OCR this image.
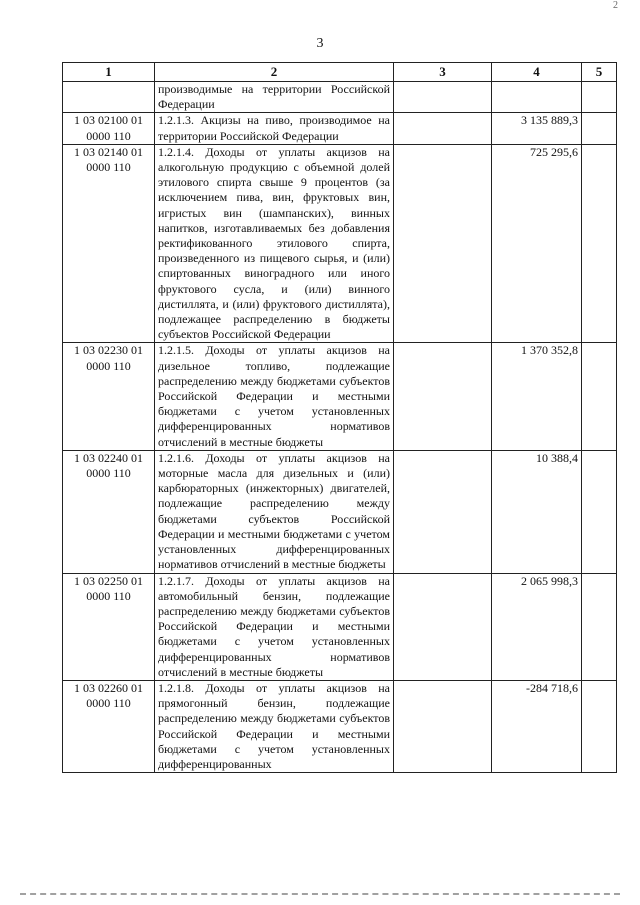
2
3
1	2	3	4	5

	производимые на территории Российской Федерации			

1 03 02100 01
0000 110	1.2.1.3. Акцизы на пиво, производимое на территории Российской Федерации		3 135 889,3	

1 03 02140 01
0000 110	1.2.1.4. Доходы от уплаты акцизов на алкогольную продукцию с объемной долей этилового спирта свыше 9 процентов (за исключением пива, вин, фруктовых вин, игристых вин (шампанских), винных напитков, изготавливаемых без добавления ректификованного этилового спирта, произведенного из пищевого сырья, и (или) спиртованных виноградного или иного фруктового сусла, и (или) винного дистиллята, и (или) фруктового дистиллята), подлежащее распределению в бюджеты субъектов Российской Федерации		725 295,6	

1 03 02230 01
0000 110	1.2.1.5. Доходы от уплаты акцизов на дизельное топливо, подлежащие распределению между бюджетами субъектов Российской Федерации и местными бюджетами с учетом установленных дифференцированных нормативов отчислений в местные бюджеты		1 370 352,8	

1 03 02240 01
0000 110	1.2.1.6. Доходы от уплаты акцизов на моторные масла для дизельных и (или) карбюраторных (инжекторных) двигателей, подлежащие распределению между бюджетами субъектов Российской Федерации и местными бюджетами с учетом установленных дифференцированных нормативов отчислений в местные бюджеты		10 388,4	

1 03 02250 01
0000 110	1.2.1.7. Доходы от уплаты акцизов на автомобильный бензин, подлежащие распределению между бюджетами субъектов Российской Федерации и местными бюджетами с учетом установленных дифференцированных нормативов отчислений в местные бюджеты		2 065 998,3	

1 03 02260 01
0000 110	1.2.1.8. Доходы от уплаты акцизов на прямогонный бензин, подлежащие распределению между бюджетами субъектов Российской Федерации и местными бюджетами с учетом установленных дифференцированных		-284 718,6	
